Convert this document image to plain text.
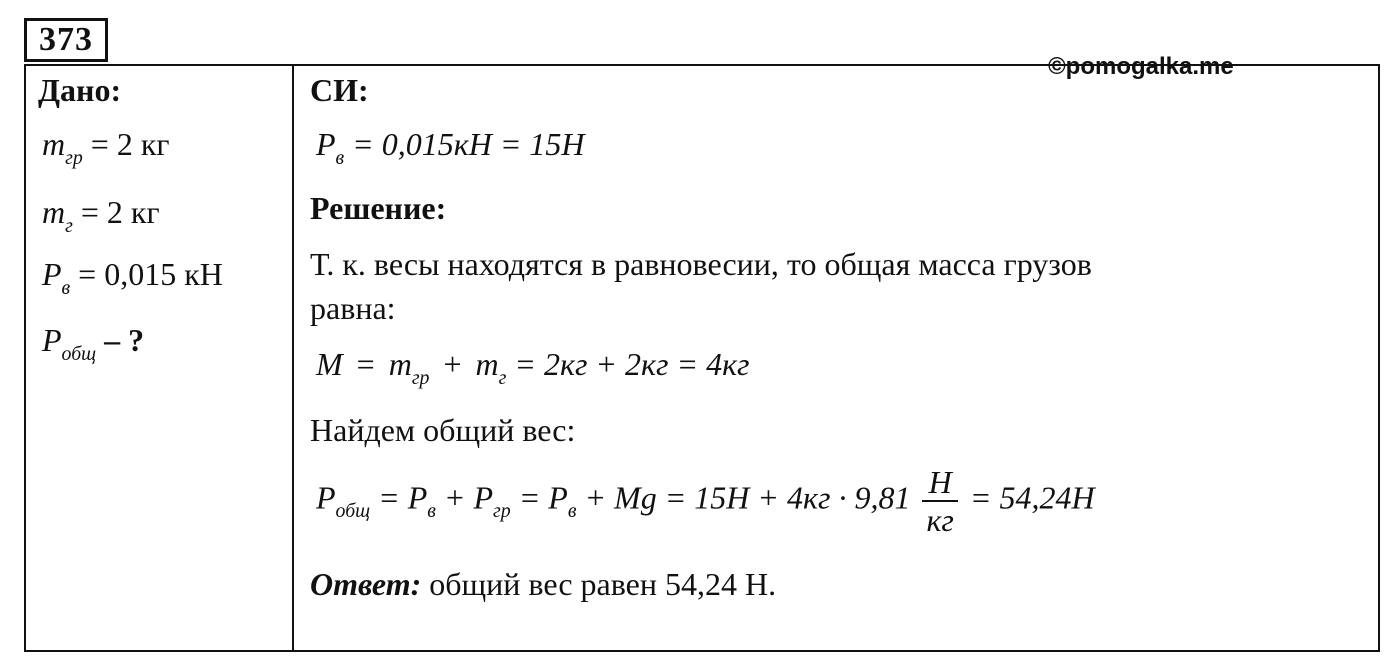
373
©pomogalka.me
Дано:
$m_{гр} = 2$ кг
$m_г = 2$ кг
$P_в = 0,015$ кН
$P_{общ}$ – ?
СИ:
$P_в = 0,015кН = 15Н$
Решение:
Т. к. весы находятся в равновесии, то общая масса грузов
равна:
$M = m_{гр} + m_г = 2кг + 2кг = 4кг$
Найдем общий вес:
$P_{общ} = P_в + P_{гр} = P_в + Mg = 15Н + 4кг \cdot 9,81 \frac{Н}{кг} = 54,24Н$
Ответ: общий вес равен 54,24 Н.
